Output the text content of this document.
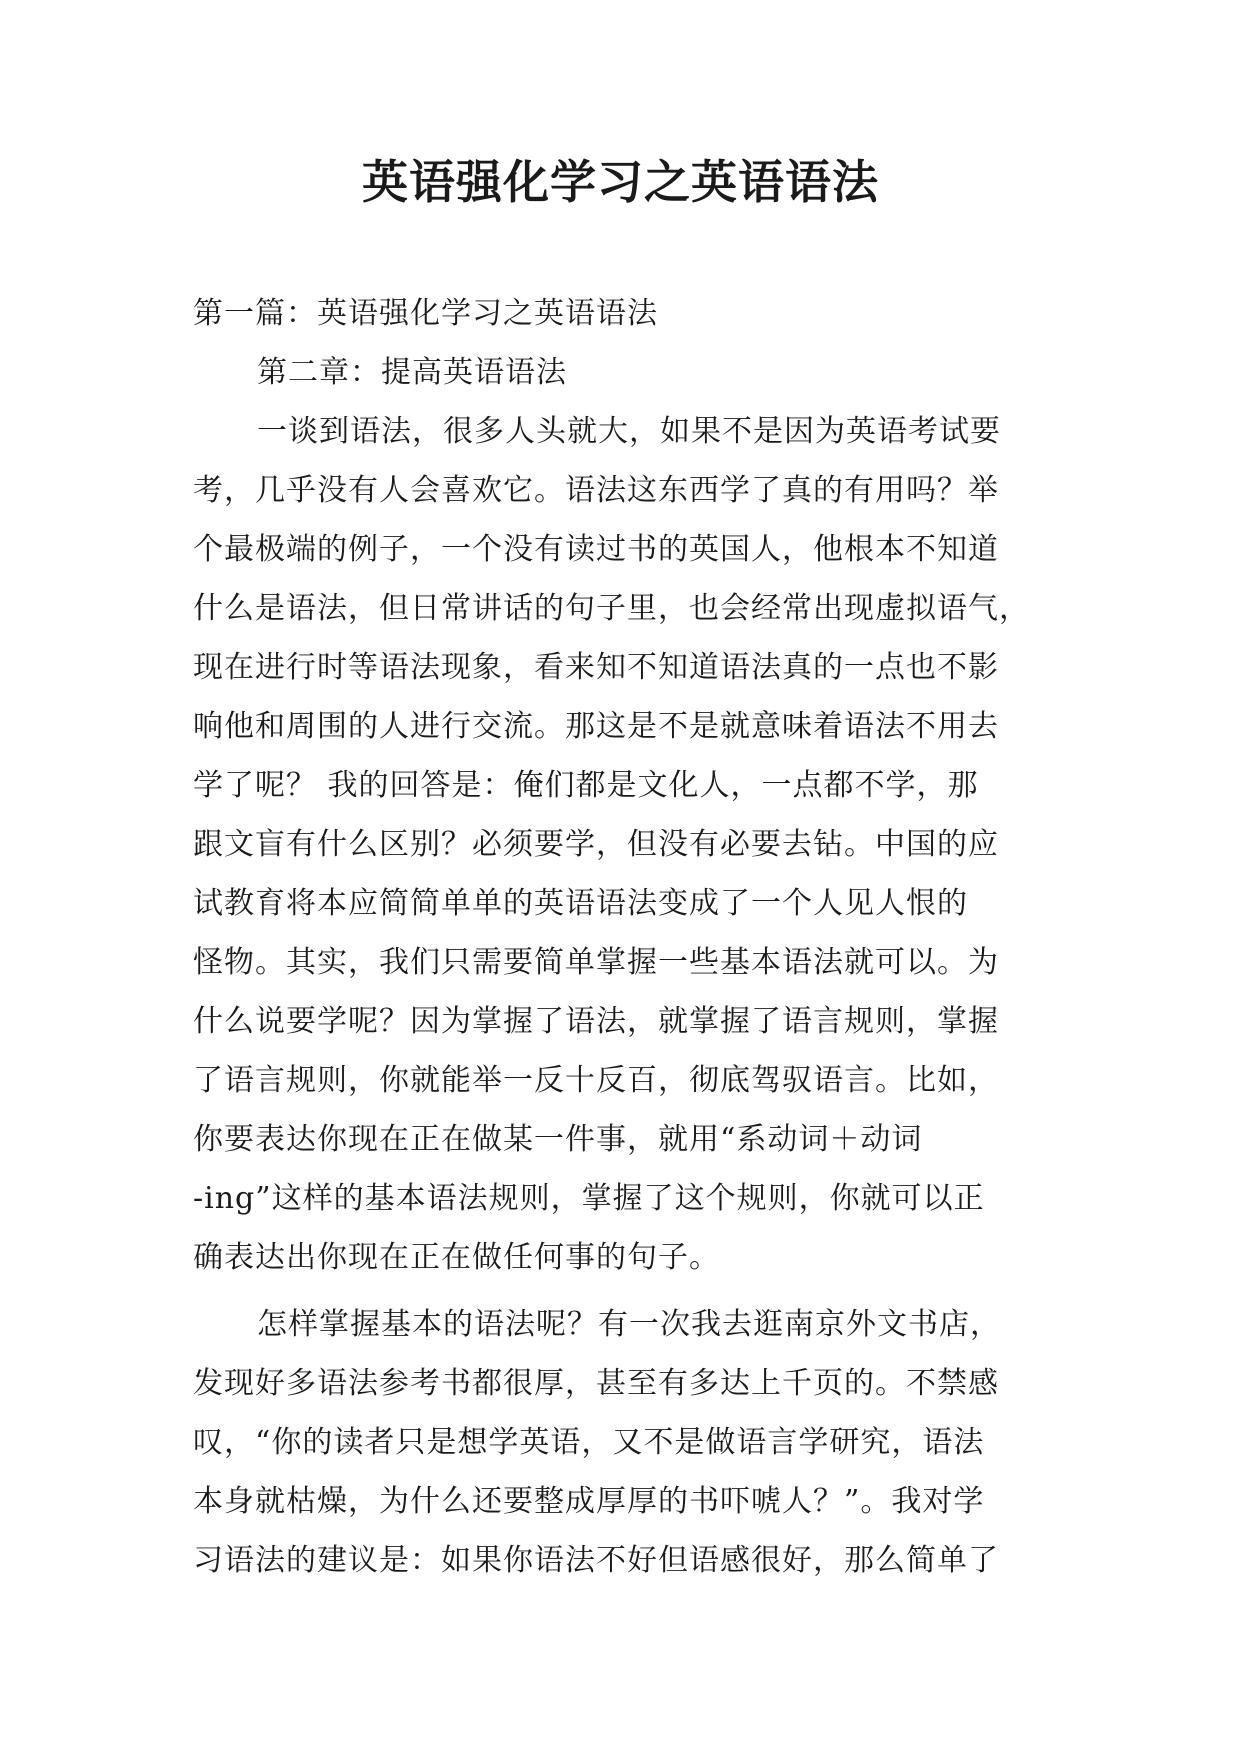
英语强化学习之英语语法

第一篇：英语强化学习之英语语法

第二章：提高英语语法

一谈到语法，很多人头就大，如果不是因为英语考试要

考，几乎没有人会喜欢它。语法这东西学了真的有用吗？举

个最极端的例子，一个没有读过书的英国人，他根本不知道

什么是语法，但日常讲话的句子里，也会经常出现虚拟语气，

现在进行时等语法现象，看来知不知道语法真的一点也不影

响他和周围的人进行交流。那这是不是就意味着语法不用去

学了呢？ 我的回答是：俺们都是文化人，一点都不学，那

跟文盲有什么区别？必须要学，但没有必要去钻。中国的应

试教育将本应简简单单的英语语法变成了一个人见人恨的

怪物。其实，我们只需要简单掌握一些基本语法就可以。为

什么说要学呢？因为掌握了语法，就掌握了语言规则，掌握

了语言规则，你就能举一反十反百，彻底驾驭语言。比如，

你要表达你现在正在做某一件事，就用“系动词＋动词

-ing”这样的基本语法规则，掌握了这个规则，你就可以正

确表达出你现在正在做任何事的句子。

怎样掌握基本的语法呢？有一次我去逛南京外文书店，

发现好多语法参考书都很厚，甚至有多达上千页的。不禁感

叹，“你的读者只是想学英语，又不是做语言学研究，语法

本身就枯燥，为什么还要整成厚厚的书吓唬人？”。我对学

习语法的建议是：如果你语法不好但语感很好，那么简单了
